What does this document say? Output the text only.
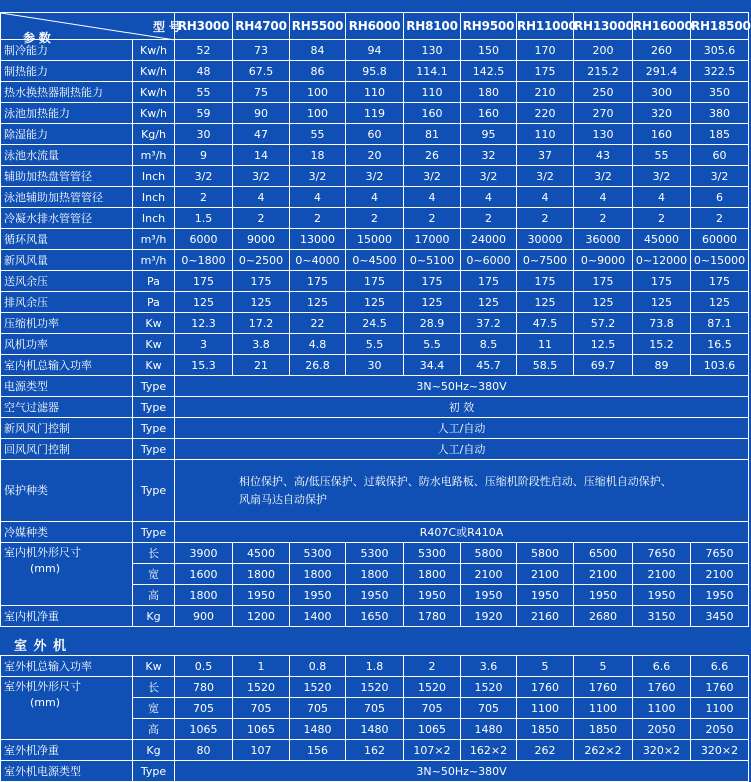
参 数
型 号		RH3000	RH4700	RH5500	RH6000	RH8100	RH9500	RH11000	RH13000	RH16000	RH18500
制冷能力	Kw/h	52	73	84	94	130	150	170	200	260	305.6
制热能力	Kw/h	48	67.5	86	95.8	114.1	142.5	175	215.2	291.4	322.5
热水换热器制热能力	Kw/h	55	75	100	110	110	180	210	250	300	350
泳池加热能力	Kw/h	59	90	100	119	160	160	220	270	320	380
除湿能力	Kg/h	30	47	55	60	81	95	110	130	160	185
泳池水流量	m³/h	9	14	18	20	26	32	37	43	55	60
辅助加热盘管管径	Inch	3/2	3/2	3/2	3/2	3/2	3/2	3/2	3/2	3/2	3/2
泳池辅助加热管管径	Inch	2	4	4	4	4	4	4	4	4	6
冷凝水排水管管径	Inch	1.5	2	2	2	2	2	2	2	2	2
循环风量	m³/h	6000	9000	13000	15000	17000	24000	30000	36000	45000	60000
新风风量	m³/h	0~1800	0~2500	0~4000	0~4500	0~5100	0~6000	0~7500	0~9000	0~12000	0~15000
送风余压	Pa	175	175	175	175	175	175	175	175	175	175
排风余压	Pa	125	125	125	125	125	125	125	125	125	125
压缩机功率	Kw	12.3	17.2	22	24.5	28.9	37.2	47.5	57.2	73.8	87.1
风机功率	Kw	3	3.8	4.8	5.5	5.5	8.5	11	12.5	15.2	16.5
室内机总输入功率	Kw	15.3	21	26.8	30	34.4	45.7	58.5	69.7	89	103.6
电源类型	Type	3N~50Hz~380V									
空气过滤器	Type	初 效									
新风风门控制	Type	人工/自动									
回风风门控制	Type	人工/自动									
保护种类	Type	相位保护、高/低压保护、过载保护、防水电路板、压缩机阶段性启动、压缩机自动保护、
风扇马达自动保护									

冷媒种类	Type	R407C或R410A									

室内机外形尺寸
(mm)	长	3900	4500	5300	5300	5300	5800	5800	6500	7650	7650
	宽	1600	1800	1800	1800	1800	2100	2100	2100	2100	2100
	高	1800	1950	1950	1950	1950	1950	1950	1950	1950	1950
室内机净重	Kg	900	1200	1400	1650	1780	1920	2160	2680	3150	3450
室 外 机
室外机总输入功率	Kw	0.5	1	0.8	1.8	2	3.6	5	5	6.6	6.6

室外机外形尺寸
(mm)	长	780	1520	1520	1520	1520	1520	1760	1760	1760	1760
	宽	705	705	705	705	705	705	1100	1100	1100	1100
	高	1065	1065	1480	1480	1065	1480	1850	1850	2050	2050
室外机净重	Kg	80	107	156	162	107×2	162×2	262	262×2	320×2	320×2
室外机电源类型	Type	3N~50Hz~380V									
